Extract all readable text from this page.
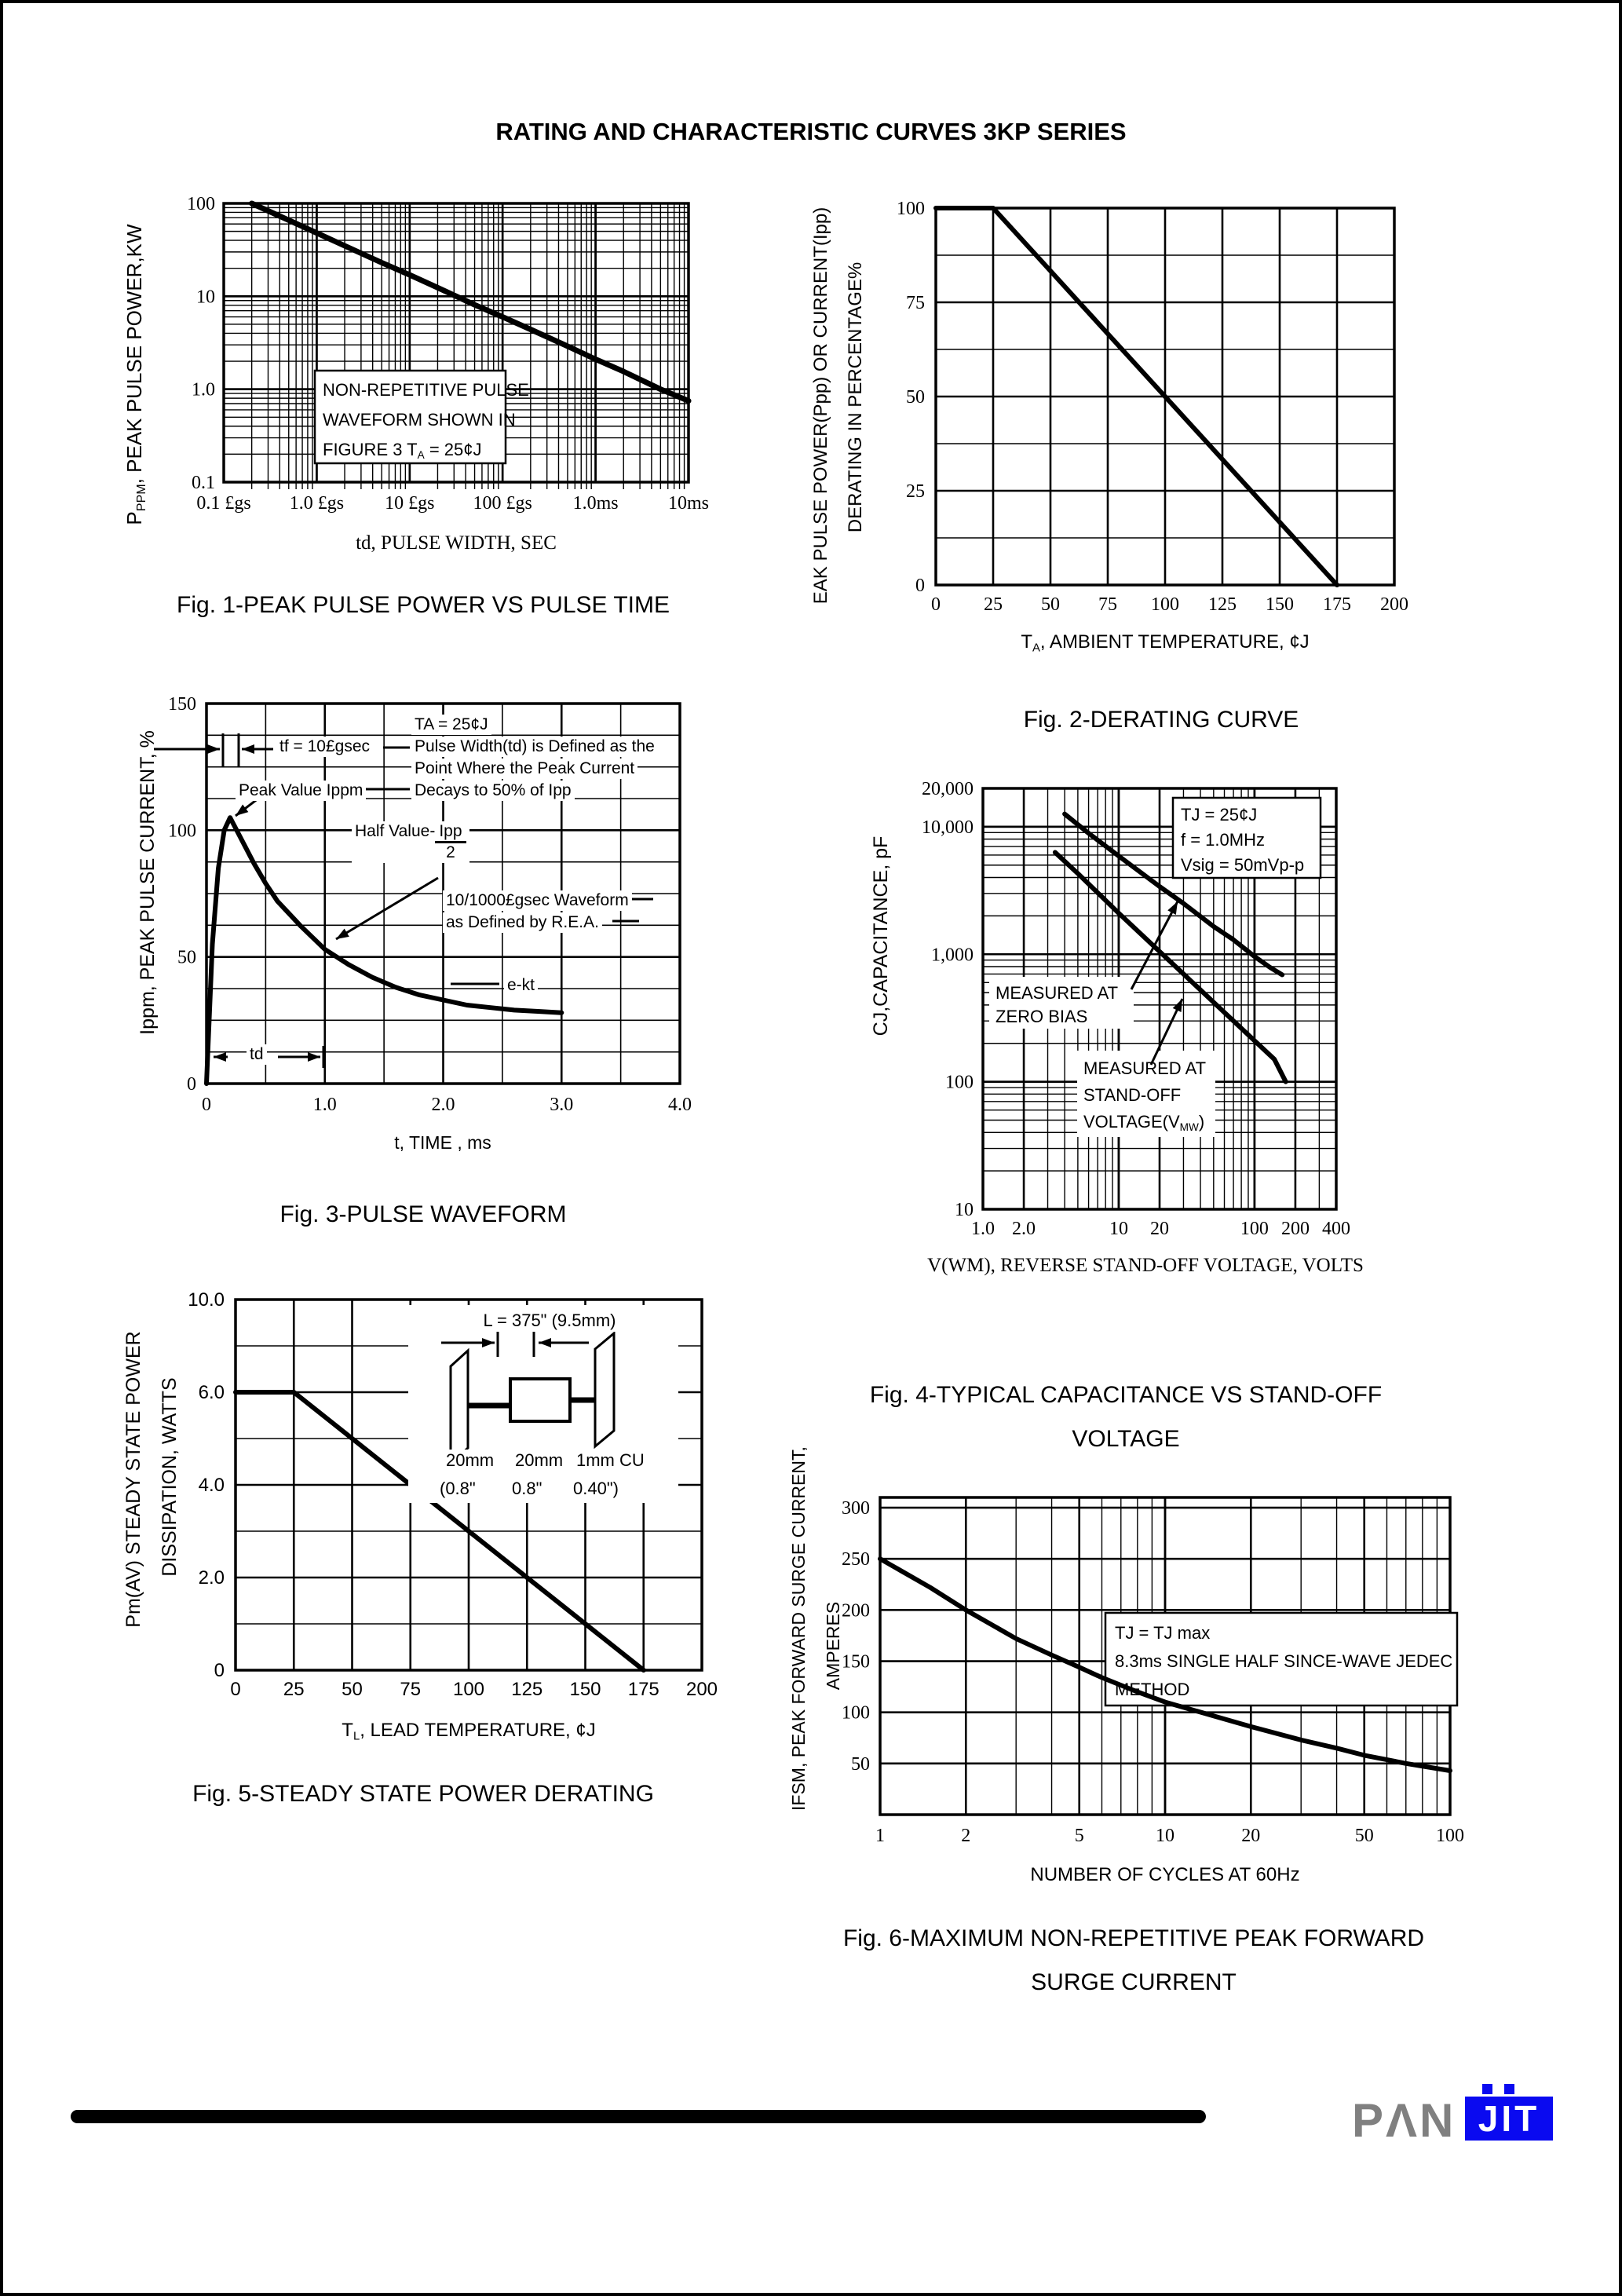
0.1 £gs 1.0 £gs 10 £gs 100 £gs 1.0ms	10ms
100
10
1.0
0.1
0 25 50 75 100 125 150 175 200
0
25
50
75
100
0	1.0	2.0	3.0	4.0
0
50
100
150
1.0 2.0	10 20	100 200 400
10
100
1,000
10,000
20,000
0 25 50 75 100 125 150 175 200
0
2.0
4.0
6.0
10.0
1	2	5	10	20	50	100
50
100
150
200
250
300
RATING AND CHARACTERISTIC CURVES 3KP SERIES
PPPM, PEAK PULSE POWER,KW
td, PULSE WIDTH, SEC
Fig. 1-PEAK PULSE POWER VS PULSE TIME
NON-REPETITIVE PULSE
WAVEFORM SHOWN IN
FIGURE 3 TA = 25¢J	EAK PULSE POWER(Ppp) OR CURRENT(Ipp) DERATING IN PERCENTAGE%
TA, AMBIENT TEMPERATURE, ¢J
Fig. 2-DERATING CURVE
Ippm, PEAK PULSE CURRENT, %
t, TIME , ms
Fig. 3-PULSE WAVEFORM
TA = 25¢J
tf = 10£gsec	Pulse Width(td) is Defined as the
Point Where the Peak Current
Peak Value Ippm	Decays to 50% of Ipp
Half Value- $\frac{\text{Ipp}}{2}$
10/1000£gsec Waveform
as Defined by R.E.A.
e-kt
td
CJ,CAPACITANCE, pF
V(WM), REVERSE STAND-OFF VOLTAGE, VOLTS
Fig. 4-TYPICAL CAPACITANCE VS STAND-OFF
VOLTAGE
TJ = 25¢J
f = 1.0MHz
Vsig = 50mVp-p
MEASURED AT
ZERO BIAS
MEASURED AT
STAND-OFF
VOLTAGE(VMW)
Pm(AV) STEADY STATE POWER DISSIPATION, WATTS
TL, LEAD TEMPERATURE, ¢J
Fig. 5-STEADY STATE POWER DERATING
L = 375" (9.5mm)
20mm 20mm 1mm CU
(0.8" 0.8" 0.40")	IFSM, PEAK FORWARD SURGE CURRENT, AMPERES
NUMBER OF CYCLES AT 60Hz
Fig. 6-MAXIMUM NON-REPETITIVE PEAK FORWARD
SURGE CURRENT
TJ = TJ max
8.3ms SINGLE HALF SINCE-WAVE JEDEC
METHOD
PΛN JIT
